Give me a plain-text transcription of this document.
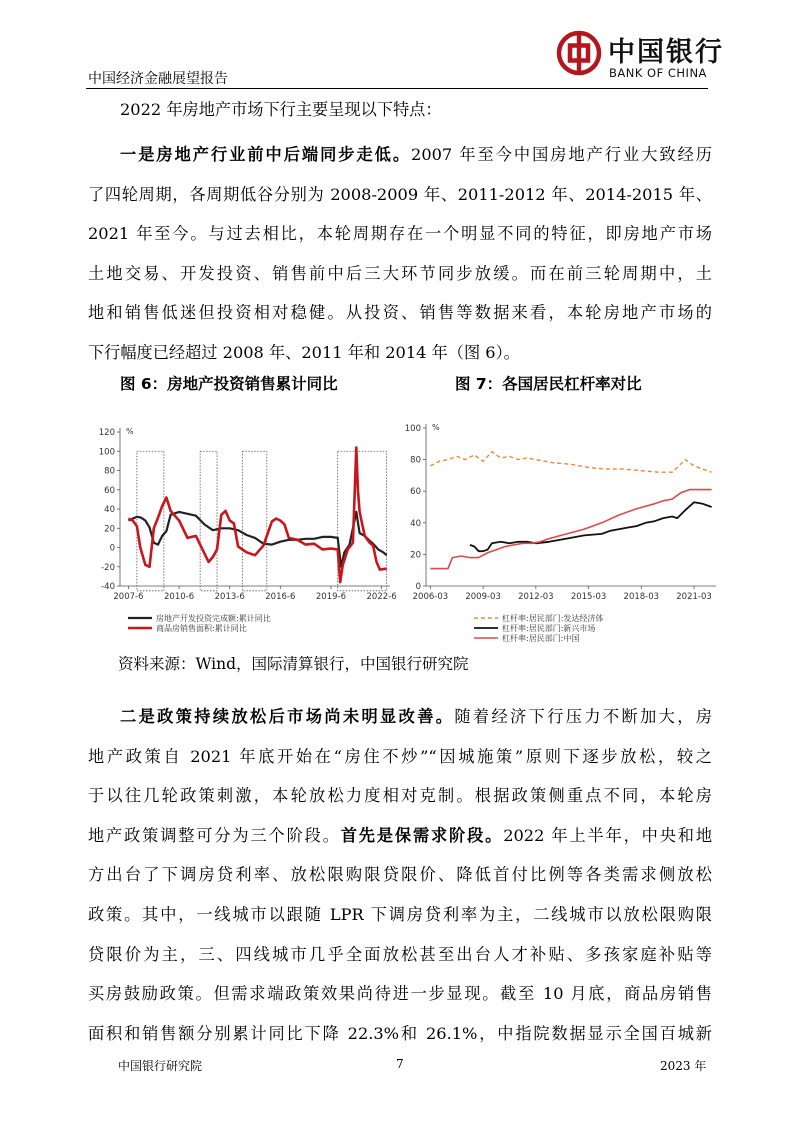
中国经济金融展望报告
中国银行
BANK OF CHINA
2022 年房地产市场下行主要呈现以下特点：
一是房地产行业前中后端同步走低。2007 年至今中国房地产行业大致经历
了四轮周期，各周期低谷分别为 2008-2009 年、2011-2012 年、2014-2015 年、
2021 年至今。与过去相比，本轮周期存在一个明显不同的特征，即房地产市场
土地交易、开发投资、销售前中后三大环节同步放缓。而在前三轮周期中，土
地和销售低迷但投资相对稳健。从投资、销售等数据来看，本轮房地产市场的
下行幅度已经超过 2008 年、2011 年和 2014 年（图 6）。
图 6：房地产投资销售累计同比	图 7：各国居民杠杆率对比
120
100
80
60
40
20
0
-20
-40
%
2007-6 2010-6 2013-6 2016-6 2019-6 2022-6
房地产开发投资完成额:累计同比
商品房销售面积:累计同比
100
80
60
40
20
0
%
2006-03 2009-03 2012-03 2015-03 2018-03 2021-03
杠杆率:居民部门:发达经济体
杠杆率:居民部门:新兴市场
杠杆率:居民部门:中国
资料来源：Wind，国际清算银行，中国银行研究院
二是政策持续放松后市场尚未明显改善。随着经济下行压力不断加大，房
地产政策自 2021 年底开始在“房住不炒”“因城施策”原则下逐步放松，较之
于以往几轮政策刺激，本轮放松力度相对克制。根据政策侧重点不同，本轮房
地产政策调整可分为三个阶段。首先是保需求阶段。2022 年上半年，中央和地
方出台了下调房贷利率、放松限购限贷限价、降低首付比例等各类需求侧放松
政策。其中，一线城市以跟随 LPR 下调房贷利率为主，二线城市以放松限购限
贷限价为主，三、四线城市几乎全面放松甚至出台人才补贴、多孩家庭补贴等
买房鼓励政策。但需求端政策效果尚待进一步显现。截至 10 月底，商品房销售
面积和销售额分别累计同比下降 22.3%和 26.1%，中指院数据显示全国百城新
中国银行研究院	7	2023 年
